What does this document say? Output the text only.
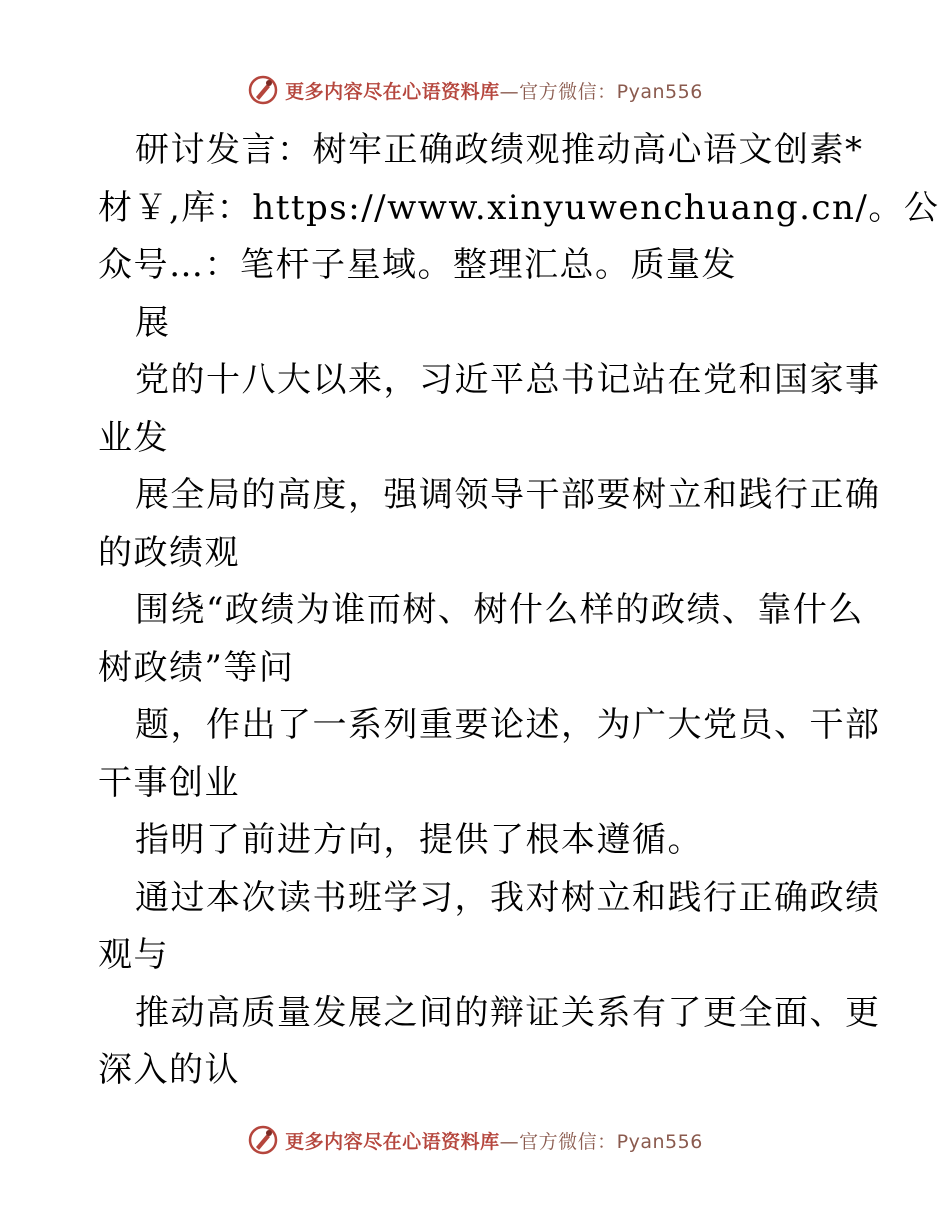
更多内容尽在心语资料库—官方微信：Pyan556

研讨发言：树牢正确政绩观推动高心语文创素*

材￥,库：https://www.xinyuwenchuang.cn/。公

众号…：笔杆子星域。整理汇总。质量发

展

党的十八大以来，习近平总书记站在党和国家事

业发

展全局的高度，强调领导干部要树立和践行正确

的政绩观

围绕“政绩为谁而树、树什么样的政绩、靠什么

树政绩”等问

题，作出了一系列重要论述，为广大党员、干部

干事创业

指明了前进方向，提供了根本遵循。

通过本次读书班学习，我对树立和践行正确政绩

观与

推动高质量发展之间的辩证关系有了更全面、更

深入的认

更多内容尽在心语资料库—官方微信：Pyan556
